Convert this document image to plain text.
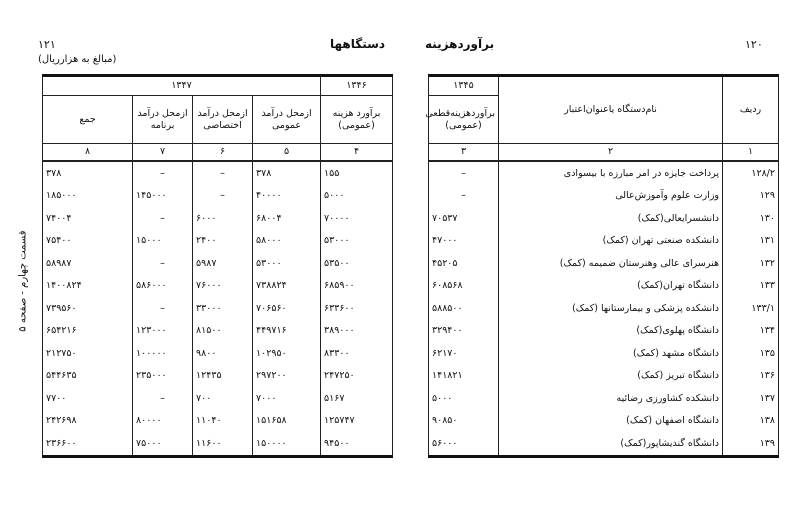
۱۲۱	دستگاهها
(مبالغ به هزارریال)
قسمت چهارم - صفحه ۵
۱۳۴۶	۱۳۴۷			
برآورد هزینه (عمومی)	ازمحل درآمد عمومی	ازمحل درآمد اختصاصی	ازمحل درآمد برنامه	جمع
۴	۵	۶	۷	۸
۱۵۵	۳۷۸	–	–	۳۷۸
۵۰۰۰	۴۰۰۰۰	–	۱۴۵۰۰۰	۱۸۵۰۰۰
۷۰۰۰۰	۶۸۰۰۴	۶۰۰۰	–	۷۴۰۰۴
۵۳۰۰۰	۵۸۰۰۰	۲۴۰۰	۱۵۰۰۰	۷۵۴۰۰
۵۳۵۰۰	۵۳۰۰۰	۵۹۸۷	–	۵۸۹۸۷
۶۸۵۹۰۰	۷۳۸۸۲۴	۷۶۰۰۰	۵۸۶۰۰۰	۱۴۰۰۸۲۴
۶۳۳۶۰۰	۷۰۶۵۶۰	۳۳۰۰۰	–	۷۳۹۵۶۰
۳۸۹۰۰۰	۴۴۹۷۱۶	۸۱۵۰۰	۱۲۳۰۰۰	۶۵۴۲۱۶
۸۳۳۰۰	۱۰۲۹۵۰	۹۸۰۰	۱۰۰۰۰۰	۲۱۲۷۵۰
۲۴۷۲۵۰	۲۹۷۲۰۰	۱۲۴۳۵	۲۳۵۰۰۰	۵۴۴۶۳۵
۵۱۶۷	۷۰۰۰	۷۰۰	–	۷۷۰۰
۱۲۵۷۴۷	۱۵۱۶۵۸	۱۱۰۴۰	۸۰۰۰۰	۲۴۲۶۹۸
۹۴۵۰۰	۱۵۰۰۰۰	۱۱۶۰۰	۷۵۰۰۰	۲۳۶۶۰۰
۱۲۰
برآوردهزینه
ردیف	نام‌دستگاه یاعنوان‌اعتبار	۱۳۴۵
		برآوردهزینه‌قطعی (عمومی)
۱	۲	۳
۱۲۸/۲	پرداخت جایزه در امر مبارزه با بیسوادی	–
۱۲۹	وزارت علوم وآموزش‌عالی	–
۱۳۰	دانشسرایعالی(کمک)	۷۰۵۳۷
۱۳۱	دانشکده صنعتی تهران (کمک)	۴۷۰۰۰
۱۳۲	هنرسرای عالی وهنرستان ضمیمه (کمک)	۴۵۲۰۵
۱۳۳	دانشگاه تهران(کمک)	۶۰۸۵۶۸
۱۳۳/۱	دانشکده پزشکی و بیمارستانها (کمک)	۵۸۸۵۰۰
۱۳۴	دانشگاه پهلوی(کمک)	۳۲۹۴۰۰
۱۳۵	دانشگاه مشهد (کمک)	۶۲۱۷۰
۱۳۶	دانشگاه تبریز (کمک)	۱۴۱۸۲۱
۱۳۷	دانشکده کشاورزی رضائیه	۵۰۰۰
۱۳۸	دانشگاه اصفهان (کمک)	۹۰۸۵۰
۱۳۹	دانشگاه گندیشاپور(کمک)	۵۶۰۰۰
